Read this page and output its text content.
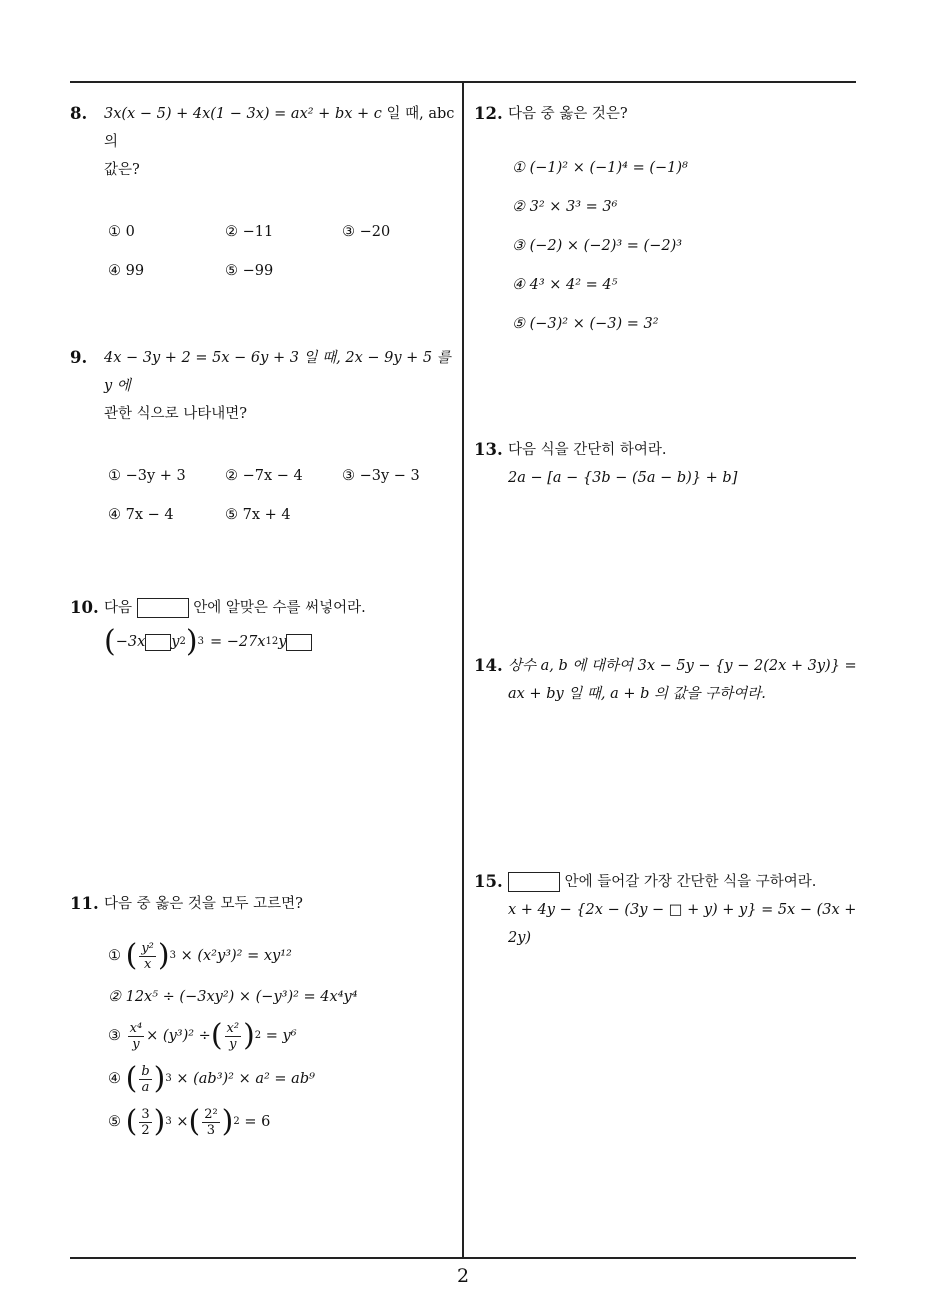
8. 3x(x − 5) + 4x(1 − 3x) = ax² + bx + c 일 때, abc 의
값은?
① 0	② −11	③ −20
④ 99	⑤ −99
9. 4x − 3y + 2 = 5x − 6y + 3 일 때, 2x − 9y + 5 를 y 에
관한 식으로 나타내면?
① −3y + 3	② −7x − 4	③ −3y − 3
④ 7x − 4	⑤ 7x + 4
10. 다음	안에 알맞은 수를 써넣어라.
( −3x y 2 ) 3 = −27x 12 y
11. 다음 중 옳은 것을 모두 고르면?
①
( $\frac{\text{y²}}{x}$ ) 3
× (x²y³)² = xy¹²
② 12x⁵ ÷ (−3xy²) × (−y³)² = 4x⁴y⁴
③
$\frac{\text{x⁴}}{y} \times (y^3)^2$ ÷ ( $\frac{\text{x²}}{y}$ ) 2
= y⁶
④
( $\frac{b}{a}$ ) 3
× (ab³)² × a² = ab⁹
⑤
( $\frac{3}{2}$ ) 3
× ( $\frac{\text{2²}}{3}$ ) 2
= 6
12. 다음 중 옳은 것은?
① (−1)² × (−1)⁴ = (−1)⁸
② 3² × 3³ = 3⁶
③ (−2) × (−2)³ = (−2)³
④ 4³ × 4² = 4⁵
⑤ (−3)² × (−3) = 3²
13. 다음 식을 간단히 하여라.
2a − [a − {3b − (5a − b)} + b]
14. 상수 a, b 에 대하여 3x − 5y − {y − 2(2x + 3y)} =
ax + by 일 때, a + b 의 값을 구하여라.
15.	안에 들어갈 가장 간단한 식을 구하여라.
x + 4y − {2x − (3y − □ + y) + y} = 5x − (3x + 2y)
2
